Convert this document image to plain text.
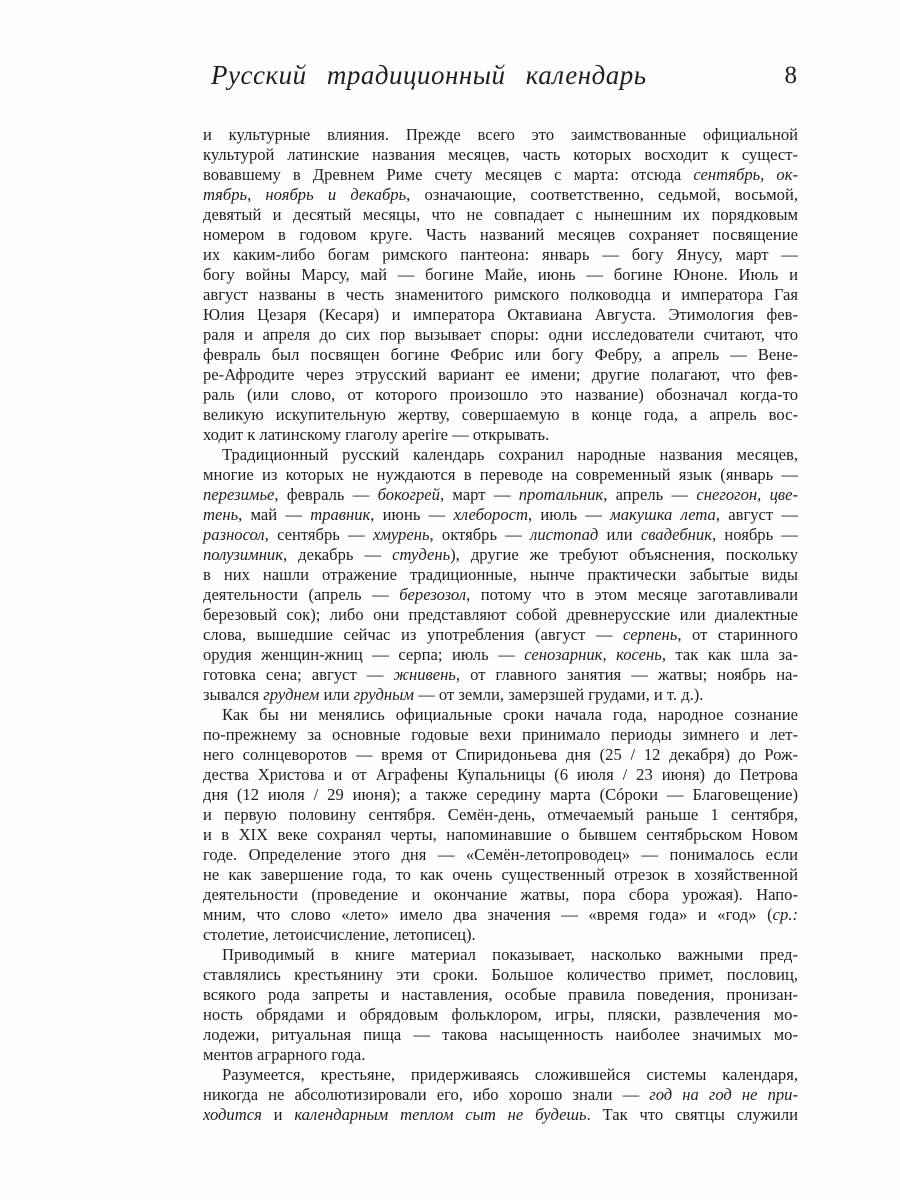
Русский традиционный календарь	8
и культурные влияния. Прежде всего это заимствованные официальной
культурой латинские названия месяцев, часть которых восходит к сущест-
вовавшему в Древнем Риме счету месяцев с марта: отсюда сентябрь, ок-
тябрь, ноябрь и декабрь, означающие, соответственно, седьмой, восьмой,
девятый и десятый месяцы, что не совпадает с нынешним их порядковым
номером в годовом круге. Часть названий месяцев сохраняет посвящение
их каким-либо богам римского пантеона: январь — богу Янусу, март —
богу войны Марсу, май — богине Майе, июнь — богине Юноне. Июль и
август названы в честь знаменитого римского полководца и императора Гая
Юлия Цезаря (Кесаря) и императора Октавиана Августа. Этимология фев-
раля и апреля до сих пор вызывает споры: одни исследователи считают, что
февраль был посвящен богине Фебрис или богу Фебру, а апрель — Вене-
ре-Афродите через этрусский вариант ее имени; другие полагают, что фев-
раль (или слово, от которого произошло это название) обозначал когда-то
великую искупительную жертву, совершаемую в конце года, а апрель вос-
ходит к латинскому глаголу aperire — открывать.
Традиционный русский календарь сохранил народные названия месяцев,
многие из которых не нуждаются в переводе на современный язык (январь —
перезимье, февраль — бокогрей, март — протальник, апрель — снегогон, цве-
тень, май — травник, июнь — хлеборост, июль — макушка лета, август —
разносол, сентябрь — хмурень, октябрь — листопад или свадебник, ноябрь —
полузимник, декабрь — студень), другие же требуют объяснения, поскольку
в них нашли отражение традиционные, нынче практически забытые виды
деятельности (апрель — березозол, потому что в этом месяце заготавливали
березовый сок); либо они представляют собой древнерусские или диалектные
слова, вышедшие сейчас из употребления (август — серпень, от старинного
орудия женщин-жниц — серпа; июль — сенозарник, косень, так как шла за-
готовка сена; август — жнивень, от главного занятия — жатвы; ноябрь на-
зывался груднем или грудным — от земли, замерзшей грудами, и т. д.).
Как бы ни менялись официальные сроки начала года, народное сознание
по-прежнему за основные годовые вехи принимало периоды зимнего и лет-
него солнцеворотов — время от Спиридоньева дня (25 / 12 декабря) до Рож-
дества Христова и от Аграфены Купальницы (6 июля / 23 июня) до Петрова
дня (12 июля / 29 июня); а также середину марта (Сóроки — Благовещение)
и первую половину сентября. Семён-день, отмечаемый раньше 1 сентября,
и в XIX веке сохранял черты, напоминавшие о бывшем сентябрьском Новом
годе. Определение этого дня — «Семён-летопроводец» — понималось если
не как завершение года, то как очень существенный отрезок в хозяйственной
деятельности (проведение и окончание жатвы, пора сбора урожая). Напо-
мним, что слово «лето» имело два значения — «время года» и «год» (ср.:
столетие, летоисчисление, летописец).
Приводимый в книге материал показывает, насколько важными пред-
ставлялись крестьянину эти сроки. Большое количество примет, пословиц,
всякого рода запреты и наставления, особые правила поведения, пронизан-
ность обрядами и обрядовым фольклором, игры, пляски, развлечения мо-
лодежи, ритуальная пища — такова насыщенность наиболее значимых мо-
ментов аграрного года.
Разумеется, крестьяне, придерживаясь сложившейся системы календаря,
никогда не абсолютизировали его, ибо хорошо знали — год на год не при-
ходится и календарным теплом сыт не будешь. Так что святцы служили
